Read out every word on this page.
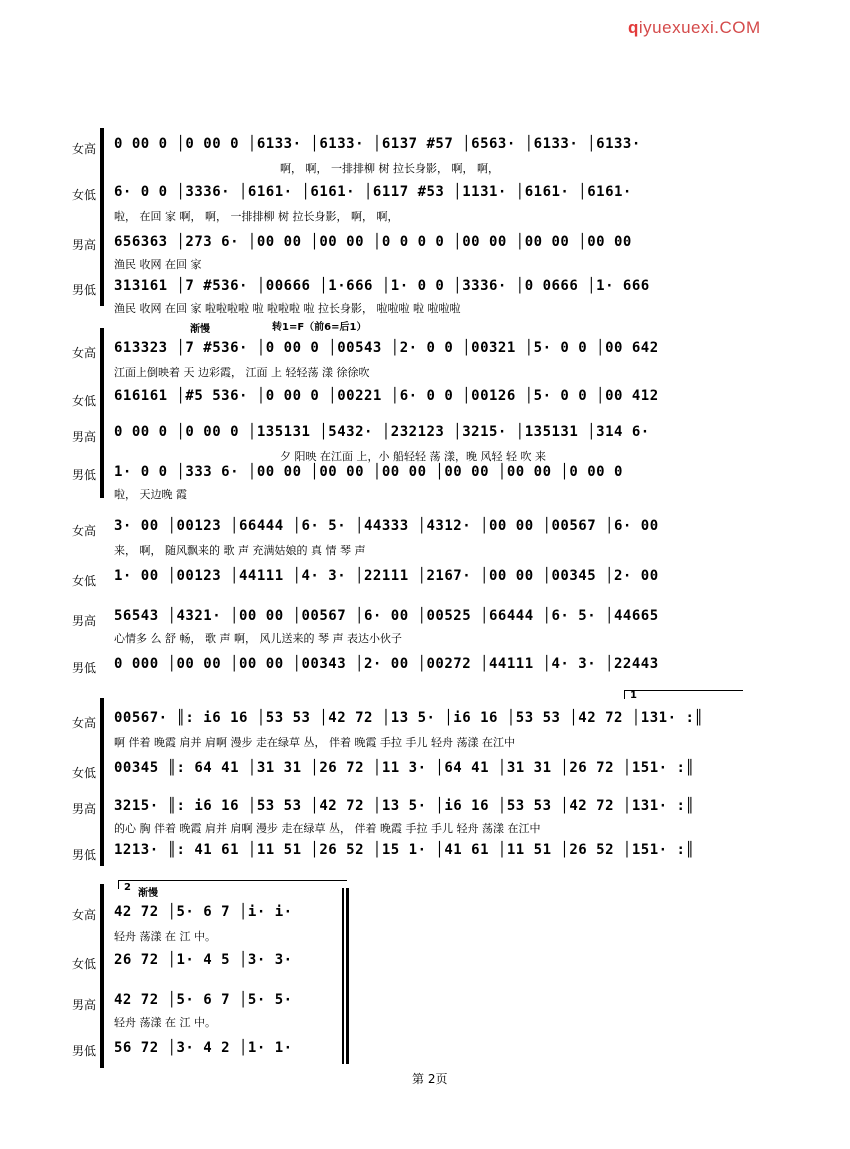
qiyuexuexi.COM
女高
女低
男高
男低
0 00 0 │0 00 0 │6133· │6133· │6137 #57 │6563· │6133· │6133·
6· 0 0 │3336· │6161· │6161· │6117 #53 │1131· │6161· │6161·
啦， 在回 家 啊， 啊， 一排排柳 树 拉长身影， 啊， 啊，
啊， 啊， 一排排柳 树 拉长身影， 啊， 啊，
656363 │273 6· │00 00 │00 00 │0 0 0 0 │00 00 │00 00 │00 00
渔民 收网 在回 家
313161 │7 #536· │00666 │1·666 │1· 0 0 │3336· │0 0666 │1· 666
渔民 收网 在回 家 啦啦啦啦 啦 啦啦啦 啦 拉长身影， 啦啦啦 啦 啦啦啦
渐慢	转1=F（前6=后1）
女高
女低
男高
男低
613323 │7 #536· │0 00 0 │00543 │2· 0 0 │00321 │5· 0 0 │00 642
江面上倒映着 天 边彩霞， 江面 上 轻轻荡 漾 徐徐吹
616161 │#5 536· │0 00 0 │00221 │6· 0 0 │00126 │5· 0 0 │00 412
0 00 0 │0 00 0 │135131 │5432· │232123 │3215· │135131 │314 6·
夕 阳映 在江面 上，小 船轻轻 荡 漾，晚 风轻 轻 吹 来
1· 0 0 │333 6· │00 00 │00 00 │00 00 │00 00 │00 00 │0 00 0
啦， 天边晚 霞
女高
女低
男高
男低
3· 00 │00123 │66444 │6· 5· │44333 │4312· │00 00 │00567 │6· 00
来， 啊， 随风飘来的 歌 声 充满姑娘的 真 情 琴 声
1· 00 │00123 │44111 │4· 3· │22111 │2167· │00 00 │00345 │2· 00
56543 │4321· │00 00 │00567 │6· 00 │00525 │66444 │6· 5· │44665
心情多 么 舒 畅， 歌 声 啊， 风儿送来的 琴 声 表达小伙子
0 000 │00 00 │00 00 │00343 │2· 00 │00272 │44111 │4· 3· │22443
1
女高
女低
男高
男低
00567· ║: i6 16 │53 53 │42 72 │13 5· │i6 16 │53 53 │42 72 │131· :║
啊 伴着 晚霞 肩并 肩啊 漫步 走在绿草 丛， 伴着 晚霞 手拉 手儿 轻舟 荡漾 在江中
00345 ║: 64 41 │31 31 │26 72 │11 3· │64 41 │31 31 │26 72 │151· :║
3215· ║: i6 16 │53 53 │42 72 │13 5· │i6 16 │53 53 │42 72 │131· :║
的心 胸 伴着 晚霞 肩并 肩啊 漫步 走在绿草 丛， 伴着 晚霞 手拉 手儿 轻舟 荡漾 在江中
1213· ║: 41 61 │11 51 │26 52 │15 1· │41 61 │11 51 │26 52 │151· :║
2
渐慢
女高
女低
男高
男低
42 72 │5· 6 7 │i· i·
轻舟 荡漾 在 江 中。
26 72 │1· 4 5 │3· 3·
42 72 │5· 6 7 │5· 5·
轻舟 荡漾 在 江 中。
56 72 │3· 4 2 │1· 1·
第 2页
